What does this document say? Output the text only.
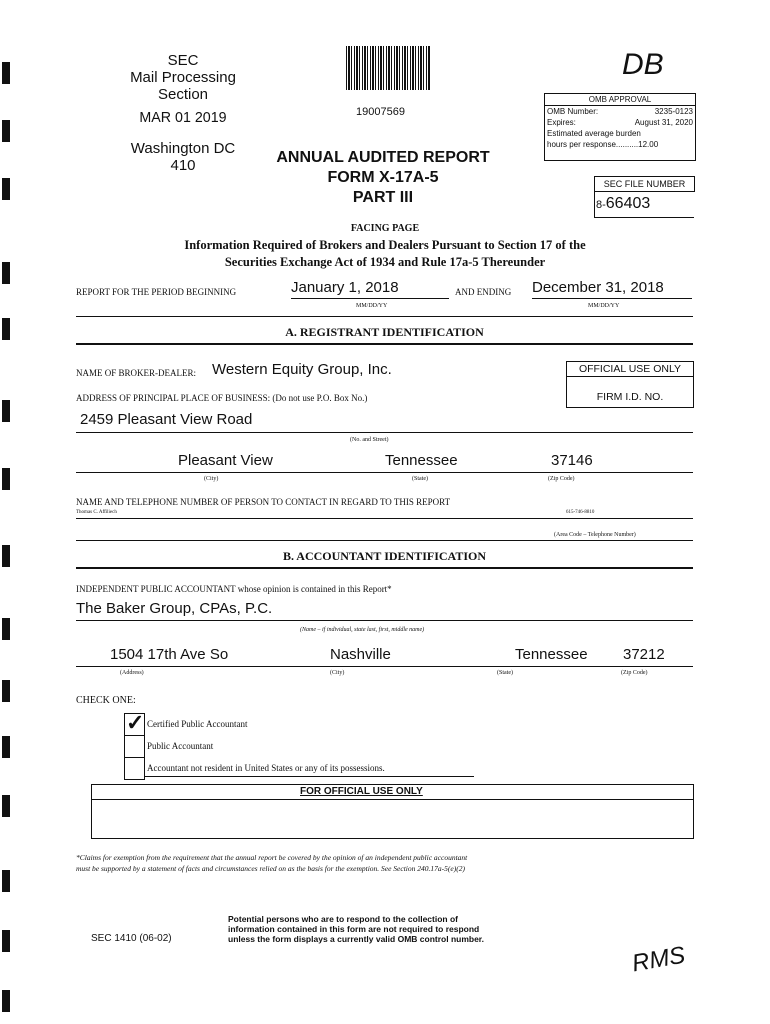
SEC
Mail Processing
Section
MAR 01 2019
Washington DC
410
19007569
DB
OMB APPROVAL
OMB Number:	3235-0123
Expires:	August 31, 2020
Estimated average burden
hours per response..........12.00
ANNUAL AUDITED REPORT
FORM X-17A-5
PART III
SEC FILE NUMBER
8-66403
FACING PAGE
Information Required of Brokers and Dealers Pursuant to Section 17 of the
Securities Exchange Act of 1934 and Rule 17a-5 Thereunder
REPORT FOR THE PERIOD BEGINNING	January 1, 2018	AND ENDING December 31, 2018
MM/DD/YY	MM/DD/YY
A. REGISTRANT IDENTIFICATION
NAME OF BROKER-DEALER: Western Equity Group, Inc.	OFFICIAL USE ONLY
FIRM I.D. NO.
ADDRESS OF PRINCIPAL PLACE OF BUSINESS: (Do not use P.O. Box No.)
2459 Pleasant View Road
(No. and Street)
Pleasant View	Tennessee	37146
(City)	(State)	(Zip Code)
NAME AND TELEPHONE NUMBER OF PERSON TO CONTACT IN REGARD TO THIS REPORT
Thomas C. Affiliech	615-746-8810
(Area Code – Telephone Number)
B. ACCOUNTANT IDENTIFICATION
INDEPENDENT PUBLIC ACCOUNTANT whose opinion is contained in this Report*
The Baker Group, CPAs, P.C.
(Name – if individual, state last, first, middle name)
1504 17th Ave So	Nashville	Tennessee 37212
(Address)	(City)	(State)	(Zip Code)
CHECK ONE:
✓ Certified Public Accountant
Public Accountant
Accountant not resident in United States or any of its possessions.
FOR OFFICIAL USE ONLY
*Claims for exemption from the requirement that the annual report be covered by the opinion of an independent public accountant
must be supported by a statement of facts and circumstances relied on as the basis for the exemption. See Section 240.17a-5(e)(2)
SEC 1410 (06-02)
Potential persons who are to respond to the collection of
information contained in this form are not required to respond
unless the form displays a currently valid OMB control number.
RMS
